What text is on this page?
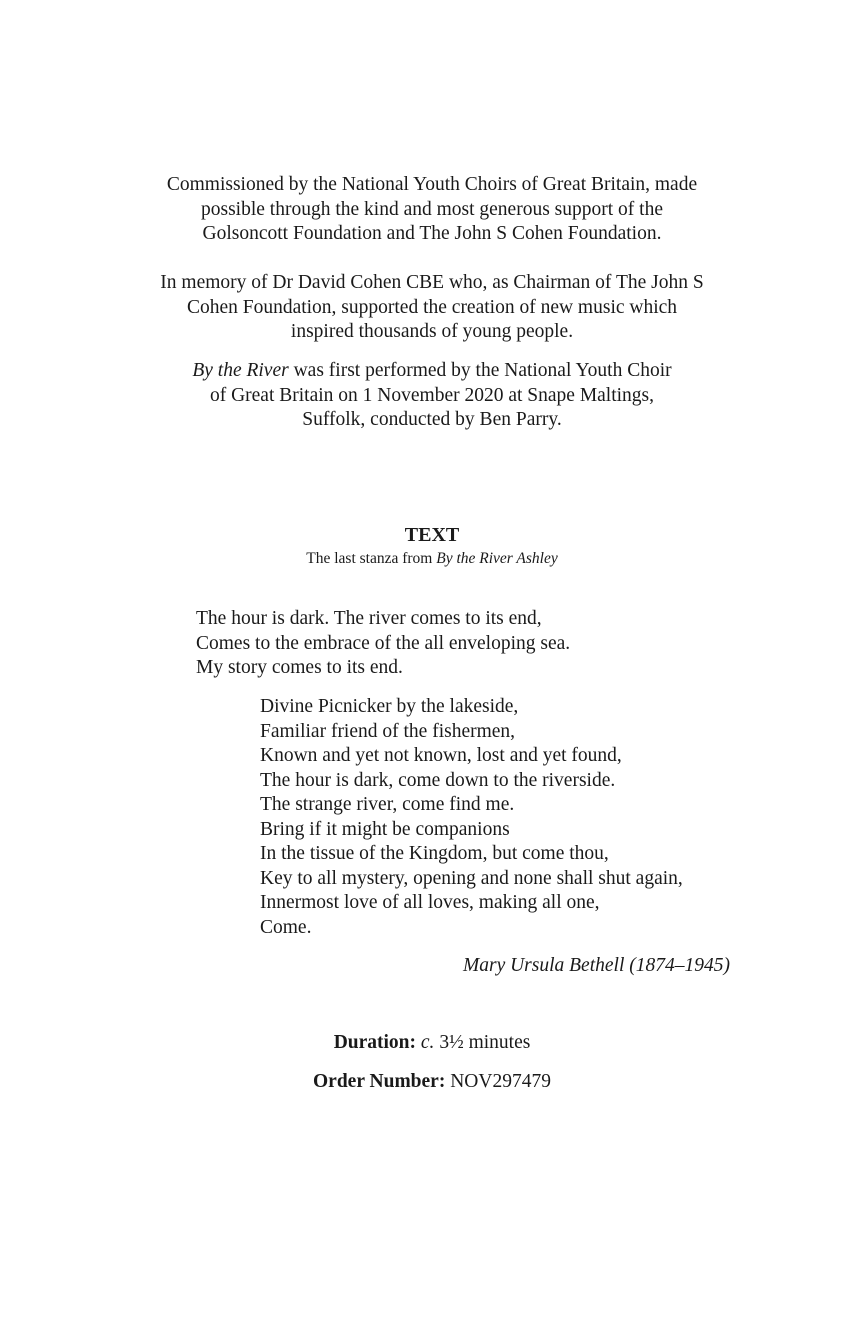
Commissioned by the National Youth Choirs of Great Britain, made
possible through the kind and most generous support of the
Golsoncott Foundation and The John S Cohen Foundation.
In memory of Dr David Cohen CBE who, as Chairman of The John S
Cohen Foundation, supported the creation of new music which
inspired thousands of young people.
By the River was first performed by the National Youth Choir
of Great Britain on 1 November 2020 at Snape Maltings,
Suffolk, conducted by Ben Parry.
TEXT
The last stanza from By the River Ashley
The hour is dark. The river comes to its end,
Comes to the embrace of the all enveloping sea.
My story comes to its end.
Divine Picnicker by the lakeside,
Familiar friend of the fishermen,
Known and yet not known, lost and yet found,
The hour is dark, come down to the riverside.
The strange river, come find me.
Bring if it might be companions
In the tissue of the Kingdom, but come thou,
Key to all mystery, opening and none shall shut again,
Innermost love of all loves, making all one,
Come.
Mary Ursula Bethell (1874–1945)
Duration: c. 3½ minutes
Order Number: NOV297479
